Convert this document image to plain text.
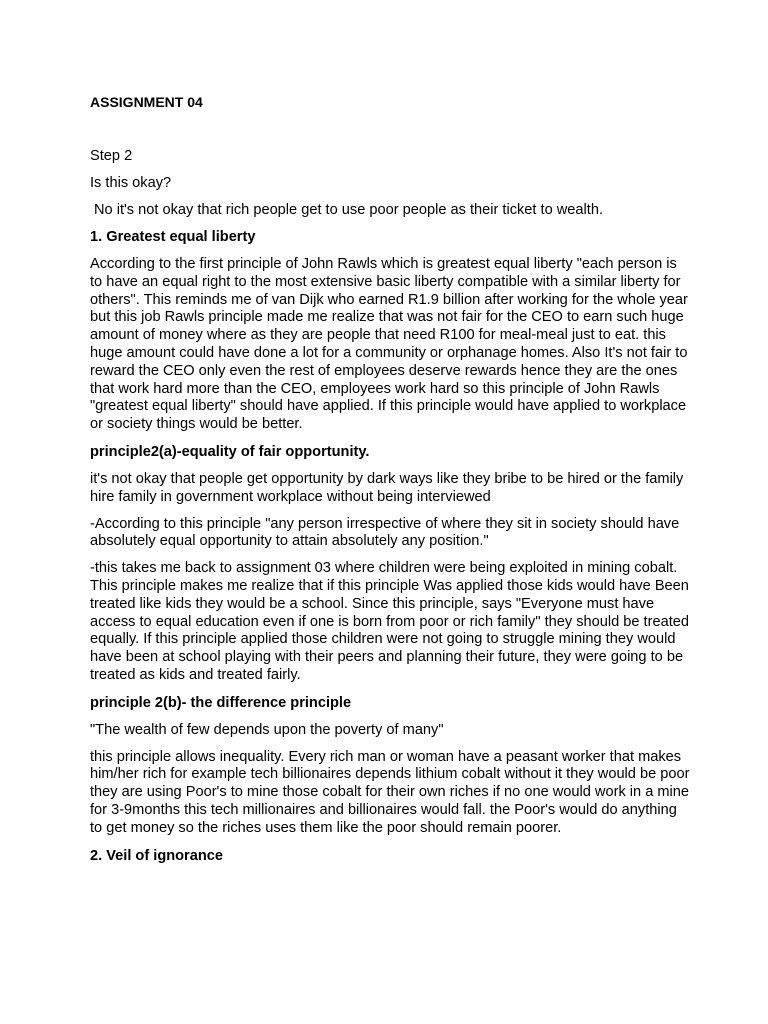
ASSIGNMENT 04
Step 2
Is this okay?
No it's not okay that rich people get to use poor people as their ticket to wealth.
1. Greatest equal liberty
According to the first principle of John Rawls which is greatest equal liberty "each person is to have an equal right to the most extensive basic liberty compatible with a similar liberty for others". This reminds me of van Dijk who earned R1.9 billion after working for the whole year but this job Rawls principle made me realize that was not fair for the CEO to earn such huge amount of money where as they are people that need R100 for meal-meal just to eat. this huge amount could have done a lot for a community or orphanage homes. Also It's not fair to reward the CEO only even the rest of employees deserve rewards hence they are the ones that work hard more than the CEO, employees work hard so this principle of John Rawls "greatest equal liberty" should have applied. If this principle would have applied to workplace or society things would be better.
principle2(a)-equality of fair opportunity.
it's not okay that people get opportunity by dark ways like they bribe to be hired or the family hire family in government workplace without being interviewed
-According to this principle "any person irrespective of where they sit in society should have absolutely equal opportunity to attain absolutely any position."
-this takes me back to assignment 03 where children were being exploited in mining cobalt. This principle makes me realize that if this principle Was applied those kids would have Been treated like kids they would be a school. Since this principle, says "Everyone must have access to equal education even if one is born from poor or rich family" they should be treated equally. If this principle applied those children were not going to struggle mining they would have been at school playing with their peers and planning their future, they were going to be treated as kids and treated fairly.
principle 2(b)- the difference principle
"The wealth of few depends upon the poverty of many"
this principle allows inequality. Every rich man or woman have a peasant worker that makes him/her rich for example tech billionaires depends lithium cobalt without it they would be poor they are using Poor's to mine those cobalt for their own riches if no one would work in a mine for 3-9months this tech millionaires and billionaires would fall. the Poor's would do anything to get money so the riches uses them like the poor should remain poorer.
2. Veil of ignorance
